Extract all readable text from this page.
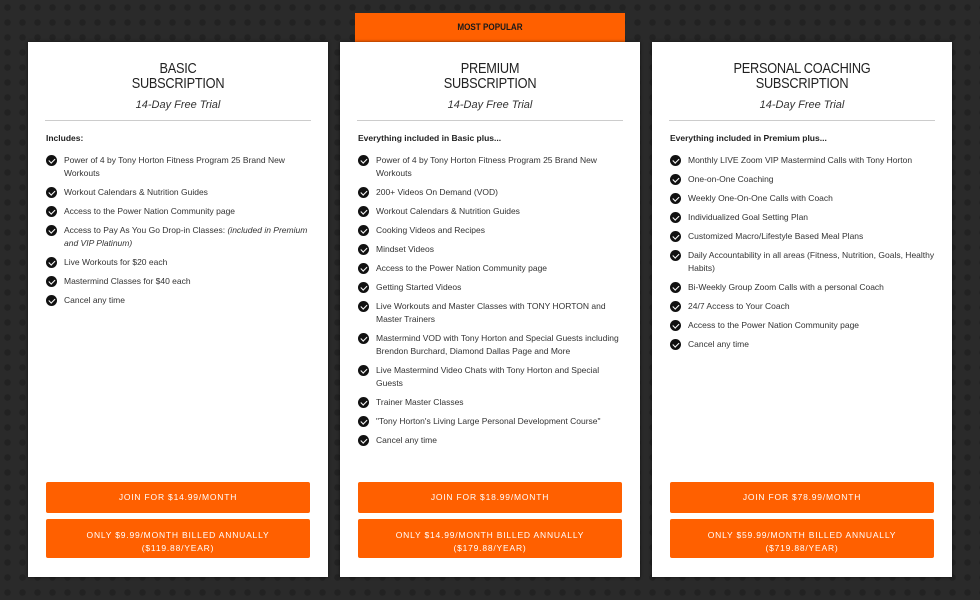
MOST POPULAR
BASIC
SUBSCRIPTION
14-Day Free Trial
Includes:
Power of 4 by Tony Horton Fitness Program 25 Brand New Workouts
Workout Calendars & Nutrition Guides
Access to the Power Nation Community page
Access to Pay As You Go Drop-in Classes: (included in Premium and VIP Platinum)
Live Workouts for $20 each
Mastermind Classes for $40 each
Cancel any time
JOIN FOR $14.99/MONTH
ONLY $9.99/MONTH BILLED ANNUALLY
($119.88/YEAR)
PREMIUM
SUBSCRIPTION
14-Day Free Trial
Everything included in Basic plus...
Power of 4 by Tony Horton Fitness Program 25 Brand New Workouts
200+ Videos On Demand (VOD)
Workout Calendars & Nutrition Guides
Cooking Videos and Recipes
Mindset Videos
Access to the Power Nation Community page
Getting Started Videos
Live Workouts and Master Classes with TONY HORTON and Master Trainers
Mastermind VOD with Tony Horton and Special Guests including Brendon Burchard, Diamond Dallas Page and More
Live Mastermind Video Chats with Tony Horton and Special Guests
Trainer Master Classes
"Tony Horton's Living Large Personal Development Course"
Cancel any time
JOIN FOR $18.99/MONTH
ONLY $14.99/MONTH BILLED ANNUALLY
($179.88/YEAR)
PERSONAL COACHING
SUBSCRIPTION
14-Day Free Trial
Everything included in Premium plus...
Monthly LIVE Zoom VIP Mastermind Calls with Tony Horton
One-on-One Coaching
Weekly One-On-One Calls with Coach
Individualized Goal Setting Plan
Customized Macro/Lifestyle Based Meal Plans
Daily Accountability in all areas (Fitness, Nutrition, Goals, Healthy Habits)
Bi-Weekly Group Zoom Calls with a personal Coach
24/7 Access to Your Coach
Access to the Power Nation Community page
Cancel any time
JOIN FOR $78.99/MONTH
ONLY $59.99/MONTH BILLED ANNUALLY
($719.88/YEAR)
